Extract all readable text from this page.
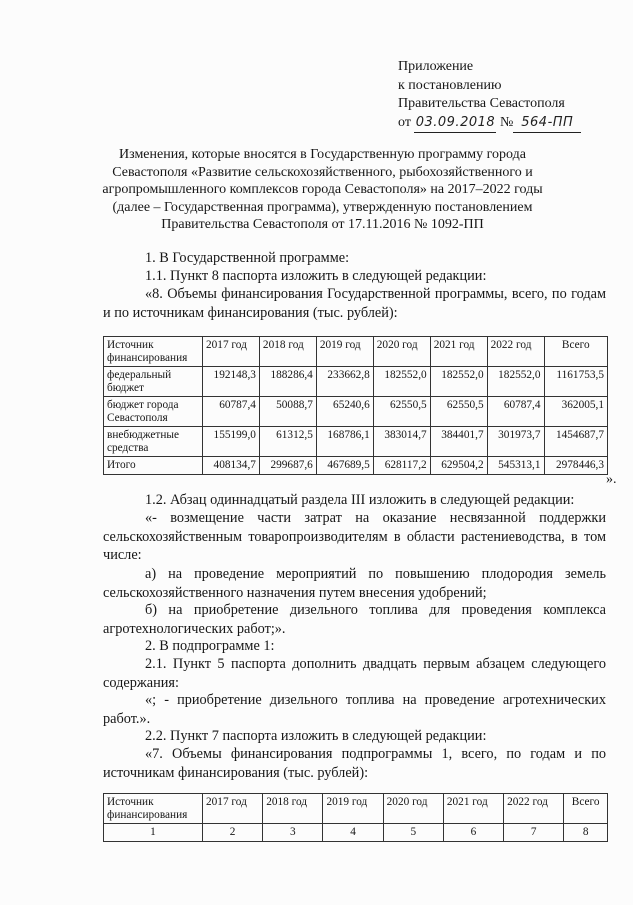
Приложение
к постановлению
Правительства Севастополя
от 03.09.2018 № 564-ПП
Изменения, которые вносятся в Государственную программу города Севастополя «Развитие сельскохозяйственного, рыбохозяйственного и агропромышленного комплексов города Севастополя» на 2017–2022 годы (далее – Государственная программа), утвержденную постановлением Правительства Севастополя от 17.11.2016 № 1092-ПП
1. В Государственной программе:
1.1. Пункт 8 паспорта изложить в следующей редакции:
«8. Объемы финансирования Государственной программы, всего, по годам и по источникам финансирования (тыс. рублей):
Источник финансирования	2017 год	2018 год	2019 год	2020 год	2021 год	2022 год	Всего
федеральный бюджет	192148,3	188286,4	233662,8	182552,0	182552,0	182552,0	1161753,5
бюджет города Севастополя	60787,4	50088,7	65240,6	62550,5	62550,5	60787,4	362005,1
внебюджетные средства	155199,0	61312,5	168786,1	383014,7	384401,7	301973,7	1454687,7
Итого	408134,7	299687,6	467689,5	628117,2	629504,2	545313,1	2978446,3
».
1.2. Абзац одиннадцатый раздела III изложить в следующей редакции:
«- возмещение части затрат на оказание несвязанной поддержки сельскохозяйственным товаропроизводителям в области растениеводства, в том числе:
а) на проведение мероприятий по повышению плодородия земель сельскохозяйственного назначения путем внесения удобрений;
б) на приобретение дизельного топлива для проведения комплекса агротехнологических работ;».
2. В подпрограмме 1:
2.1. Пункт 5 паспорта дополнить двадцать первым абзацем следующего содержания:
«; - приобретение дизельного топлива на проведение агротехнических работ.».
2.2. Пункт 7 паспорта изложить в следующей редакции:
«7. Объемы финансирования подпрограммы 1, всего, по годам и по источникам финансирования (тыс. рублей):
Источник финансирования	2017 год	2018 год	2019 год	2020 год	2021 год	2022 год	Всего
1	2	3	4	5	6	7	8
